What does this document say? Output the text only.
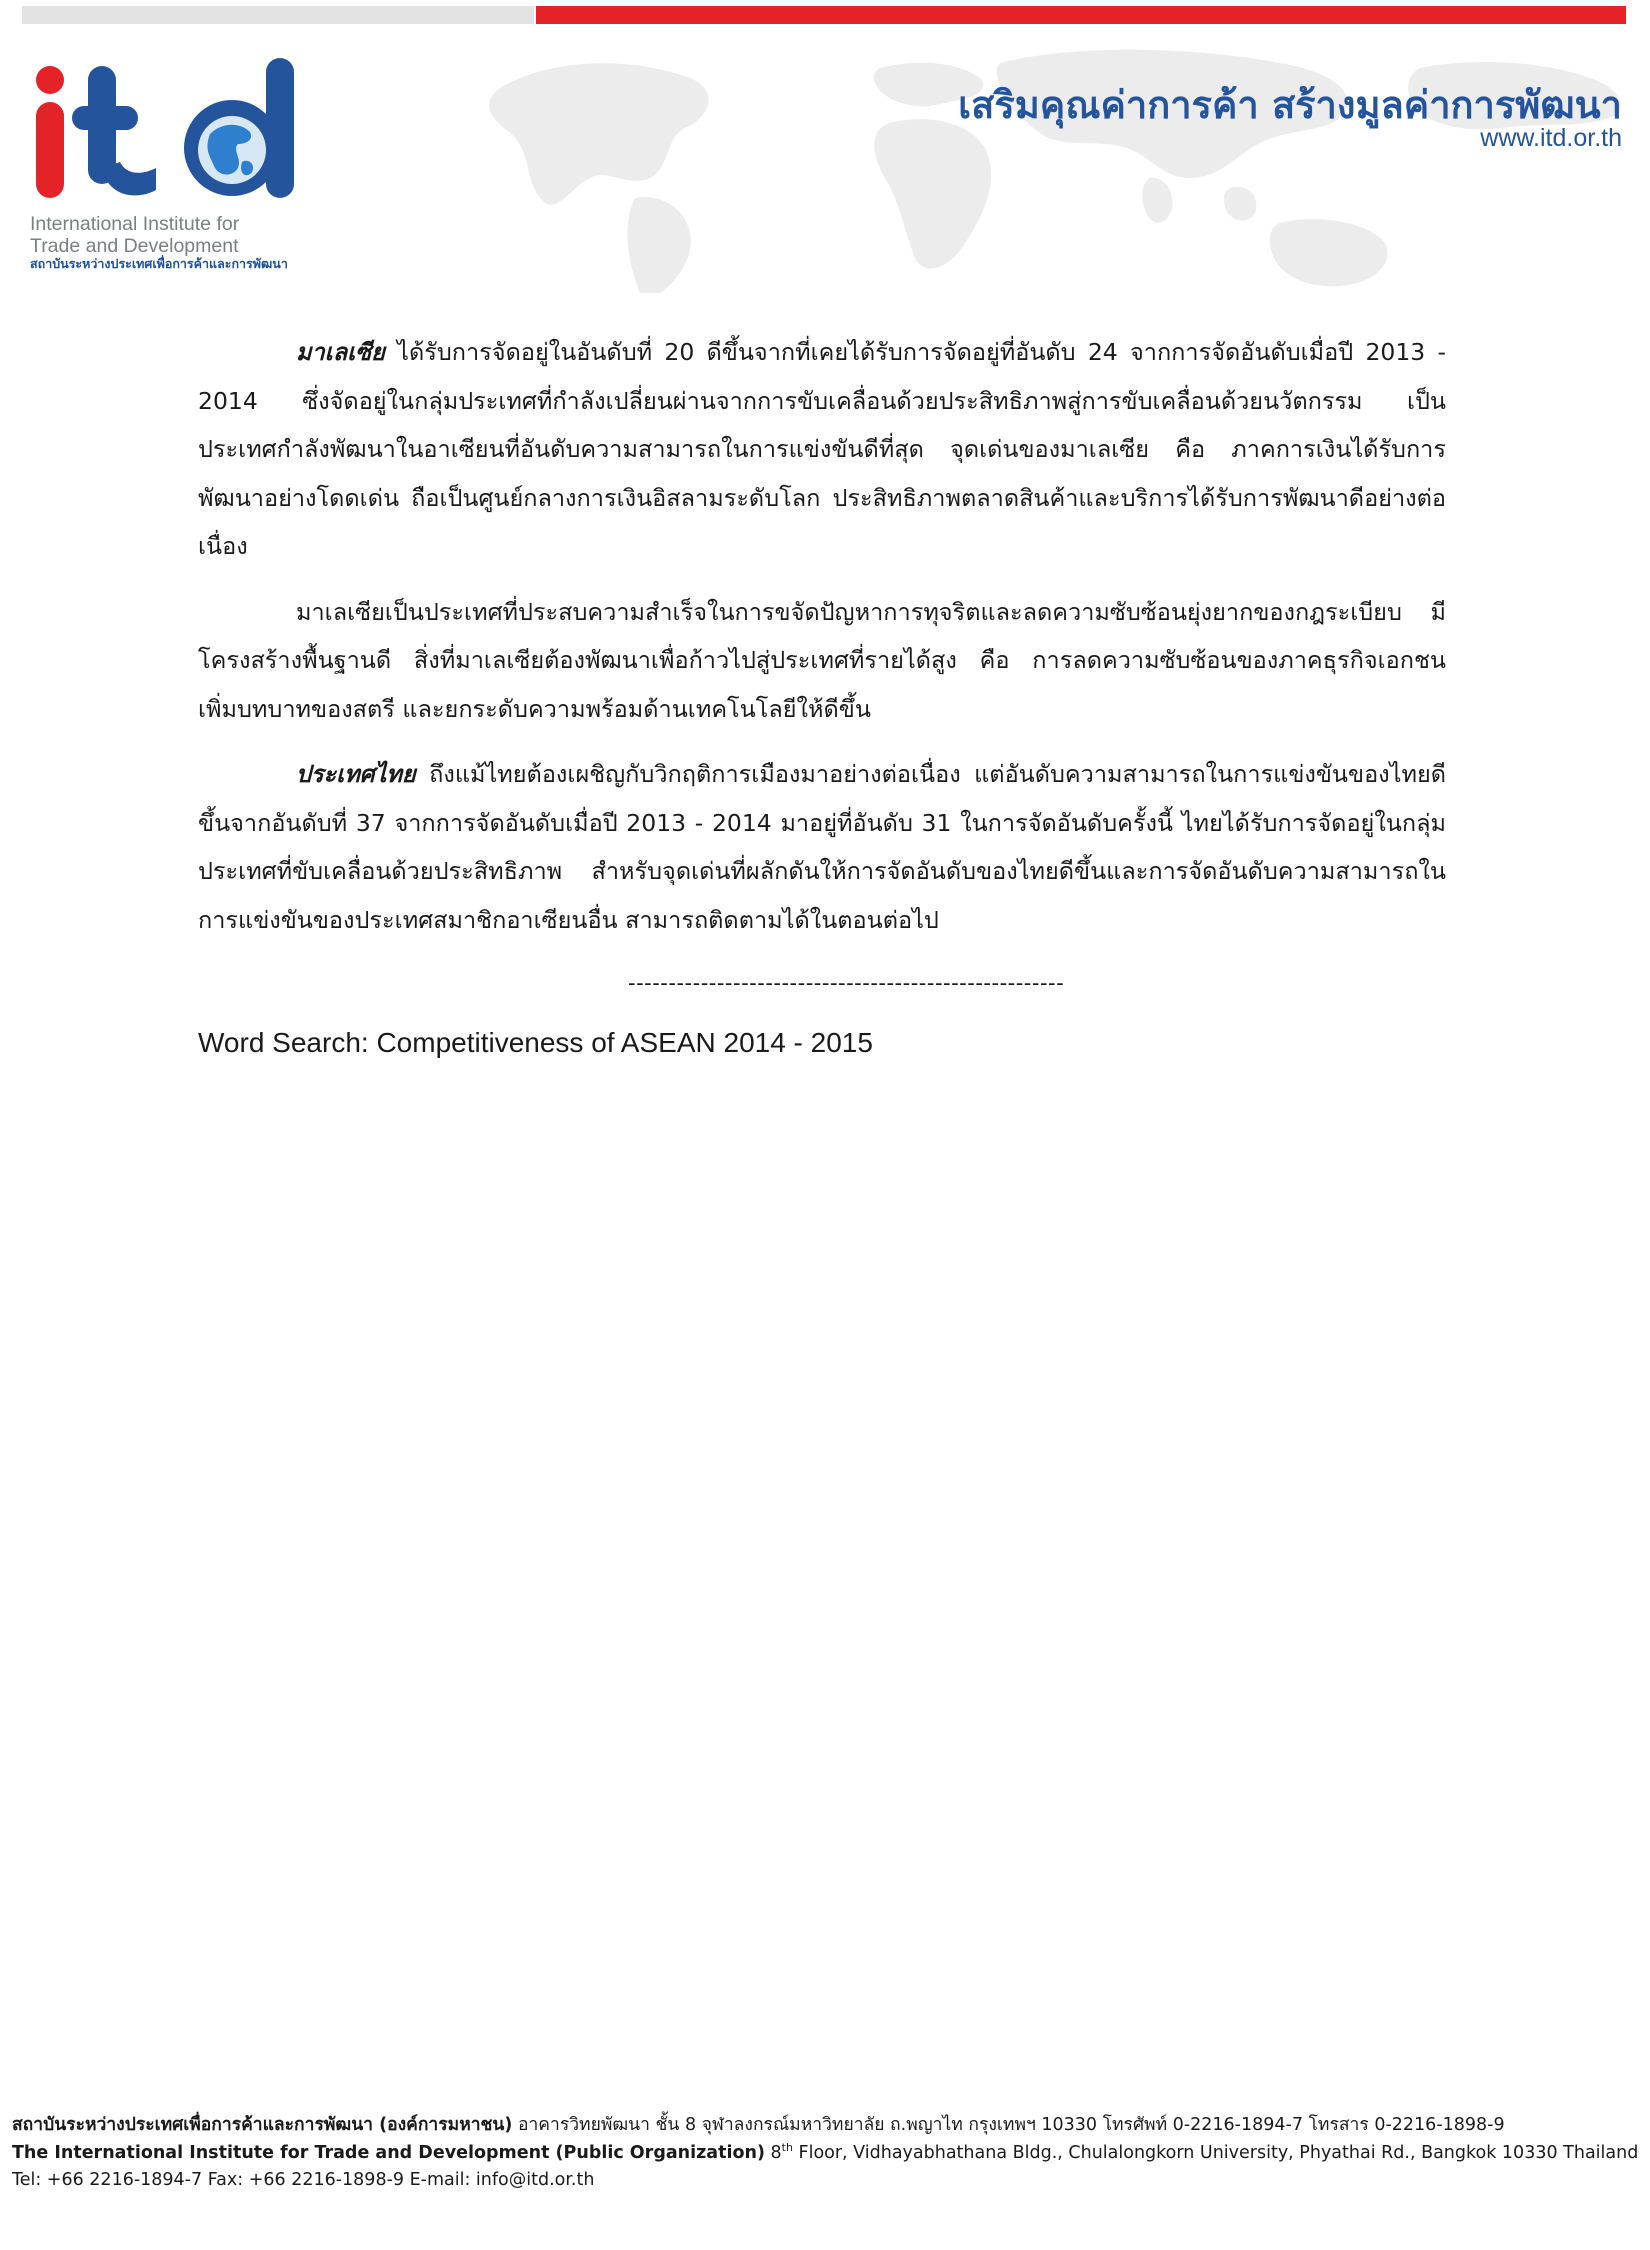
International Institute for
Trade and Development
สถาบันระหว่างประเทศเพื่อการค้าและการพัฒนา
เสริมคุณค่าการค้า สร้างมูลค่าการพัฒนา
www.itd.or.th

มาเลเซีย ได้รับการจัดอยู่ในอันดับที่ 20 ดีขึ้นจากที่เคยได้รับการจัดอยู่ที่อันดับ 24 จากการจัดอันดับเมื่อปี 2013 - 2014 ซึ่งจัดอยู่ในกลุ่มประเทศที่กำลังเปลี่ยนผ่านจากการขับเคลื่อนด้วยประสิทธิภาพสู่การขับเคลื่อนด้วยนวัตกรรม เป็นประเทศกำลังพัฒนาในอาเซียนที่อันดับความสามารถในการแข่งขันดีที่สุด จุดเด่นของมาเลเซีย คือ ภาคการเงินได้รับการพัฒนาอย่างโดดเด่น ถือเป็นศูนย์กลางการเงินอิสลามระดับโลก ประสิทธิภาพตลาดสินค้าและบริการได้รับการพัฒนาดีอย่างต่อเนื่อง

มาเลเซียเป็นประเทศที่ประสบความสำเร็จในการขจัดปัญหาการทุจริตและลดความซับซ้อนยุ่งยากของกฎระเบียบ มีโครงสร้างพื้นฐานดี สิ่งที่มาเลเซียต้องพัฒนาเพื่อก้าวไปสู่ประเทศที่รายได้สูง คือ การลดความซับซ้อนของภาคธุรกิจเอกชน เพิ่มบทบาทของสตรี และยกระดับความพร้อมด้านเทคโนโลยีให้ดีขึ้น

ประเทศไทย ถึงแม้ไทยต้องเผชิญกับวิกฤติการเมืองมาอย่างต่อเนื่อง แต่อันดับความสามารถในการแข่งขันของไทยดีขึ้นจากอันดับที่ 37 จากการจัดอันดับเมื่อปี 2013 - 2014 มาอยู่ที่อันดับ 31 ในการจัดอันดับครั้งนี้ ไทยได้รับการจัดอยู่ในกลุ่มประเทศที่ขับเคลื่อนด้วยประสิทธิภาพ สำหรับจุดเด่นที่ผลักดันให้การจัดอันดับของไทยดีขึ้นและการจัดอันดับความสามารถในการแข่งขันของประเทศสมาชิกอาเซียนอื่น สามารถติดตามได้ในตอนต่อไป

------------------------------------------------------
Word Search: Competitiveness of ASEAN 2014 - 2015
สถาบันระหว่างประเทศเพื่อการค้าและการพัฒนา (องค์การมหาชน) อาคารวิทยพัฒนา ชั้น 8 จุฬาลงกรณ์มหาวิทยาลัย ถ.พญาไท กรุงเทพฯ 10330 โทรศัพท์ 0-2216-1894-7 โทรสาร 0-2216-1898-9
The International Institute for Trade and Development (Public Organization) 8th Floor, Vidhayabhathana Bldg., Chulalongkorn University, Phyathai Rd., Bangkok 10330 Thailand
Tel: +66 2216-1894-7 Fax: +66 2216-1898-9 E-mail: info@itd.or.th
